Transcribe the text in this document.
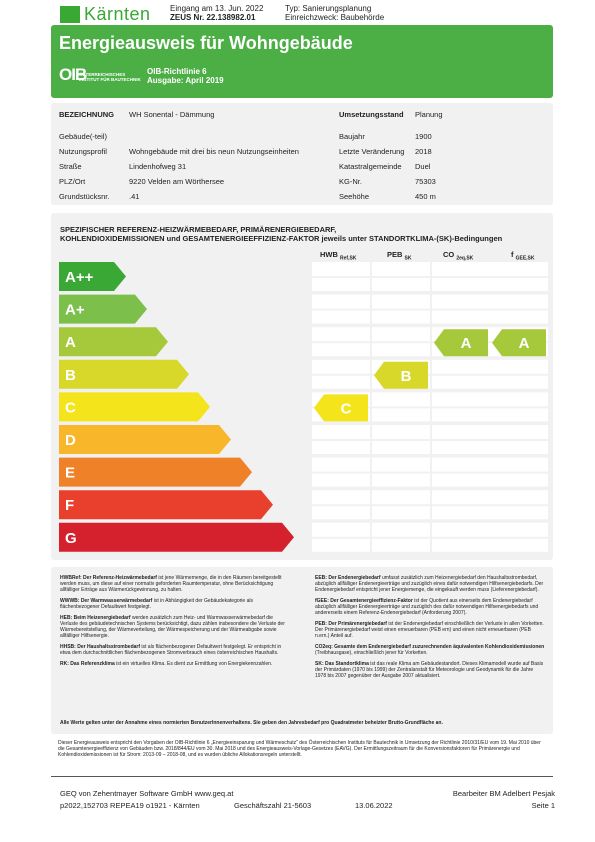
Kärnten Eingang am 13. Jun. 2022
ZEUS Nr. 22.138982.01
Typ: Sanierungsplanung
Einreichzweck: Baubehörde
Energieausweis für Wohngebäude
OIB
ÖSTERREICHISCHES
INSTITUT FÜR BAUTECHNIK
OIB-Richtlinie 6
Ausgabe: April 2019
BEZEICHNUNG WH Sonental - Dämmung
Gebäude(-teil)
Nutzungsprofil	Wohngebäude mit drei bis neun Nutzungseinheiten
Straße	Lindenhofweg 31
PLZ/Ort	9220 Velden am Wörthersee
Grundstücksnr.	.41
Umsetzungsstand Planung
Baujahr	1900
Letzte Veränderung 2018
Katastralgemeinde Duel
KG-Nr.	75303
Seehöhe	450 m
SPEZIFISCHER REFERENZ-HEIZWÄRMEBEDARF, PRIMÄRENERGIEBEDARF,
KOHLENDIOXIDEMISSIONEN und GESAMTENERGIEEFFIZIENZ-FAKTOR jeweils unter STANDORTKLIMA-(SK)-Bedingungen
HWB $_{Ref,SK}$	PEB $_{SK}$	CO $_{2eq,SK}$	f $_{GEE,SK}$
A++
A+
A
B
C
D
E
F
G
C
B
A	A
HWBRef: Der Referenz-Heizwärmebedarf ist jene Wärmemenge, die in den Räumen bereitgestellt werden muss, um diese auf einer normativ geforderten Raumtemperatur, ohne Berücksichtigung allfälliger Erträge aus Wärmerückgewinnung, zu halten.
WWWB: Der Warmwasserwärmebedarf ist in Abhängigkeit der Gebäudekategorie als flächenbezogener Defaultwert festgelegt.
HEB: Beim Heizenergiebedarf werden zusätzlich zum Heiz- und Warmwasserwärmebedarf die Verluste des gebäudetechnischen Systems berücksichtigt, dazu zählen insbesondere die Verluste der Wärmebereitstellung, der Wärmeverteilung, der Wärmespeicherung und der Wärmeabgabe sowie allfälliger Hilfsenergie.
HHSB: Der Haushaltsstrombedarf ist als flächenbezogener Defaultwert festgelegt. Er entspricht in etwa dem durchschnittlichen flächenbezogenen Stromverbrauch eines österreichischen Haushalts.
RK: Das Referenzklima ist ein virtuelles Klima. Es dient zur Ermittlung von Energiekennzahlen.
EEB: Der Endenergiebedarf umfasst zusätzlich zum Heizenergiebedarf den Haushaltsstrombedarf, abzüglich allfälliger Endenergieerträge und zuzüglich eines dafür notwendigen Hilfsenergiebedarfs. Der Endenergiebedarf entspricht jener Energiemenge, die eingekauft werden muss (Lieferenergiebedarf).
fGEE: Der Gesamtenergieeffizienz-Faktor ist der Quotient aus einerseits dem Endenergiebedarf abzüglich allfälliger Endenergieerträge und zuzüglich des dafür notwendigen Hilfsenergiebedarfs und andererseits einem Referenz-Endenergiebedarf (Anforderung 2007).
PEB: Der Primärenergiebedarf ist der Endenergiebedarf einschließlich der Verluste in allen Vorketten. Der Primärenergiebedarf weist einen erneuerbaren (PEB ern) und einen nicht erneuerbaren (PEB n.ern.) Anteil auf.
CO2eq: Gesamte dem Endenergiebedarf zuzurechnenden äquivalenten Kohlendioxidemissionen (Treibhausgase), einschließlich jener für Vorketten.
SK: Das Standortklima ist das reale Klima am Gebäudestandort. Dieses Klimamodell wurde auf Basis der Primärdaten (1970 bis 1999) der Zentralanstalt für Meteorologie und Geodynamik für die Jahre 1978 bis 2007 gegenüber der Ausgabe 2007 aktualisiert.
Alle Werte gelten unter der Annahme eines normierten BenutzerInnenverhaltens. Sie geben den Jahresbedarf pro Quadratmeter beheizter Brutto-Grundfläche an.
Dieser Energieausweis entspricht den Vorgaben der OIB-Richtlinie 6 „Energieeinsparung und Wärmeschutz“ des Österreichischen Instituts für Bautechnik in Umsetzung der Richtlinie 2010/31/EU vom 19. Mai 2010 über die Gesamtenergieeffizienz von Gebäuden bzw. 2018/844/EU vom 30. Mai 2018 und des Energieausweis-Vorlage-Gesetzes (EAVG). Der Ermittlungszeitraum für die Konversionsfaktoren für Primärenergie und Kohlendioxidemissionen ist für Strom: 2013-09 – 2018-08, und es wurden übliche Allokationsregeln unterstellt.
GEQ von Zehentmayer Software GmbH www.geq.at
p2022,152703 REPEA19 o1921 - Kärnten	Geschäftszahl 21-5603	13.06.2022
Bearbeiter BM Adelbert Pesjak
Seite 1
